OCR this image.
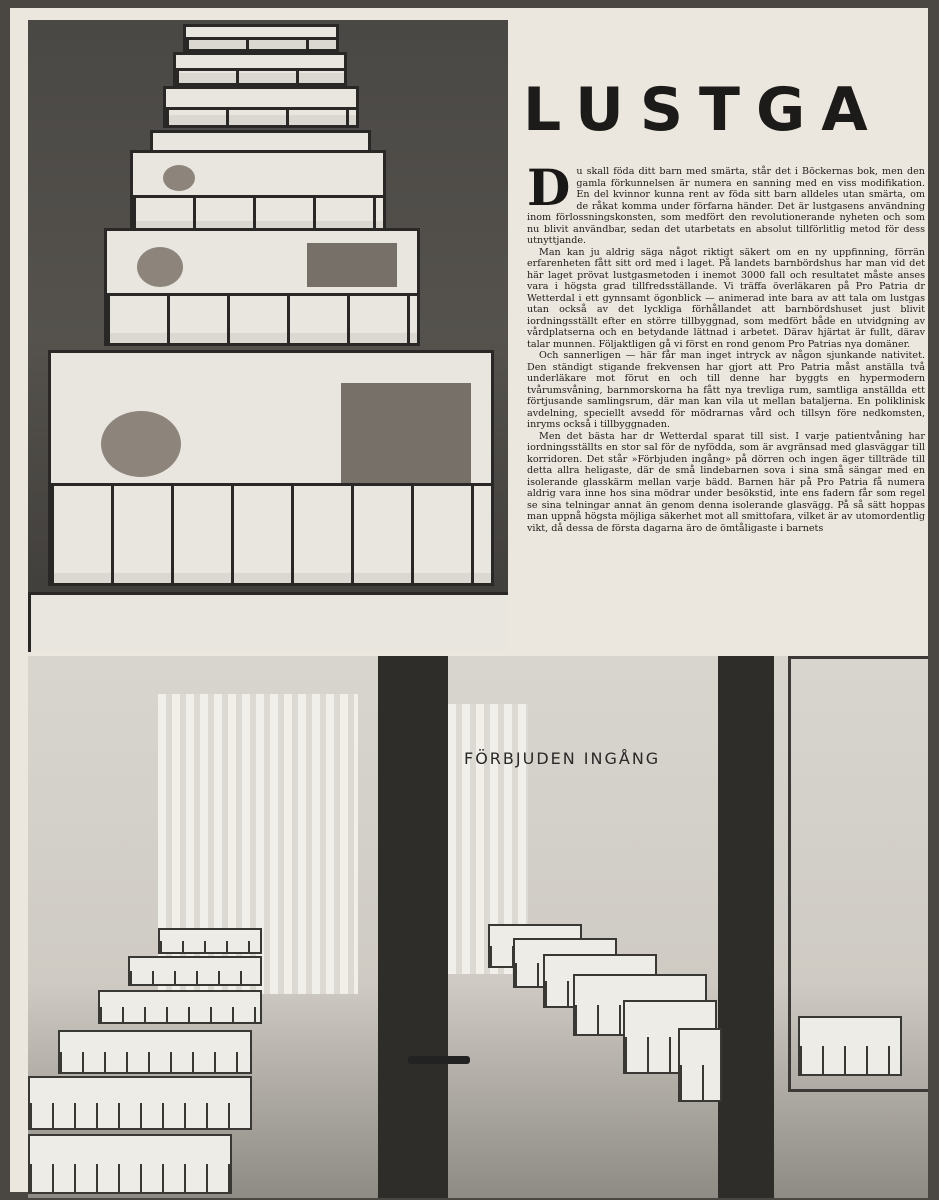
LUSTGA

Du skall föda ditt barn med smärta, står det i Böckernas bok, men den gamla förkunnelsen är numera en sanning med en viss modifikation. En del kvinnor kunna rent av föda sitt barn alldeles utan smärta, om de råkat komma under förfarna händer. Det är lustgasens användning inom förlossningskonsten, som medfört den revolutionerande nyheten och som nu blivit användbar, sedan det utarbetats en absolut tillförlitlig metod för dess utnyttjande.

Man kan ju aldrig säga något riktigt säkert om en ny uppfinning, förrän erfarenheten fått sitt ord med i laget. På landets barnbördshus har man vid det här laget prövat lustgasmetoden i inemot 3000 fall och resultatet måste anses vara i högsta grad tillfredsställande. Vi träffa överläkaren på Pro Patria dr Wetterdal i ett gynnsamt ögonblick — animerad inte bara av att tala om lustgas utan också av det lyckliga förhållandet att barnbördshuset just blivit iordningsställt efter en större tillbyggnad, som medfört både en utvidgning av vårdplatserna och en betydande lättnad i arbetet. Därav hjärtat är fullt, därav talar munnen. Följaktligen gå vi först en rond genom Pro Patrias nya domäner.

Och sannerligen — här får man inget intryck av någon sjunkande nativitet. Den ständigt stigande frekvensen har gjort att Pro Patria måst anställa två underläkare mot förut en och till denne har byggts en hypermodern tvårumsvåning, barnmorskorna ha fått nya trevliga rum, samtliga anställda ett förtjusande samlingsrum, där man kan vila ut mellan bataljerna. En poliklinisk avdelning, speciellt avsedd för mödrarnas vård och tillsyn före nedkomsten, inryms också i tillbyggnaden.

Men det bästa har dr Wetterdal sparat till sist. I varje patientvåning har iordningsställts en stor sal för de nyfödda, som är avgränsad med glasväggar till korridoren. Det står »Förbjuden ingång» på dörren och ingen äger tillträde till detta allra heligaste, där de små lindebarnen sova i sina små sängar med en isolerande glasskärm mellan varje bädd. Barnen här på Pro Patria få numera aldrig vara inne hos sina mödrar under besökstid, inte ens fadern får som regel se sina telningar annat än genom denna isolerande glasvägg. På så sätt hoppas man uppnå högsta möjliga säkerhet mot all smittofara, vilket är av utomordentlig vikt, då dessa de första dagarna äro de ömtåligaste i barnets

FÖRBJUDEN INGÅNG
